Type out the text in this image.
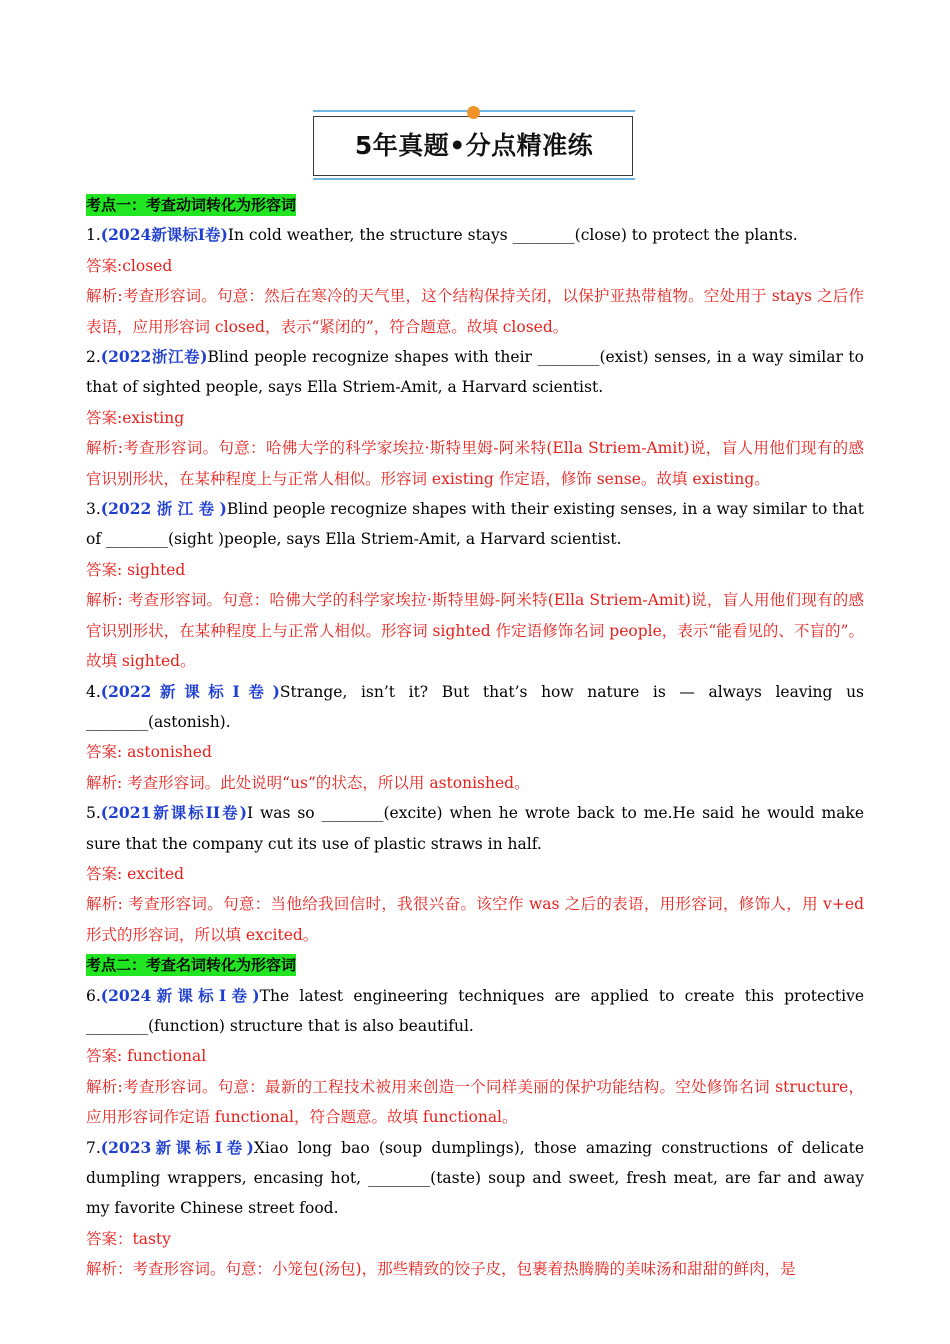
5年真题•分点精准练
考点一：考查动词转化为形容词

1.(2024新课标I卷)In cold weather, the structure stays ________(close) to protect the plants.

答案:closed

解析:考查形容词。句意：然后在寒冷的天气里，这个结构保持关闭，以保护亚热带植物。空处用于 stays 之后作表语，应用形容词 closed，表示“紧闭的”，符合题意。故填 closed。

2.(2022浙江卷)Blind people recognize shapes with their ________(exist) senses, in a way similar to that of sighted people, says Ella Striem-Amit, a Harvard scientist.

答案:existing

解析:考查形容词。句意：哈佛大学的科学家埃拉·斯特里姆-阿米特(Ella Striem-Amit)说，盲人用他们现有的感官识别形状，在某种程度上与正常人相似。形容词 existing 作定语，修饰 sense。故填 existing。

3.(2022 浙 江 卷 )Blind people recognize shapes with their existing senses, in a way similar to that of ________(sight )people, says Ella Striem-Amit, a Harvard scientist.

答案: sighted

解析: 考查形容词。句意：哈佛大学的科学家埃拉·斯特里姆-阿米特(Ella Striem-Amit)说，盲人用他们现有的感官识别形状，在某种程度上与正常人相似。形容词 sighted 作定语修饰名词 people，表示“能看见的、不盲的”。故填 sighted。

4.(2022新课标I卷)Strange, isn’t it? But that’s how nature is — always leaving us ________(astonish).

答案: astonished

解析: 考查形容词。此处说明“us”的状态，所以用 astonished。

5.(2021新课标II卷)I was so ________(excite) when he wrote back to me.He said he would make sure that the company cut its use of plastic straws in half.

答案: excited

解析: 考查形容词。句意：当他给我回信时，我很兴奋。该空作 was 之后的表语，用形容词，修饰人，用 v+ed 形式的形容词，所以填 excited。

考点二：考查名词转化为形容词

6.(2024新课标I卷)The latest engineering techniques are applied to create this protective ________(function) structure that is also beautiful.

答案: functional

解析:考查形容词。句意：最新的工程技术被用来创造一个同样美丽的保护功能结构。空处修饰名词 structure，应用形容词作定语 functional，符合题意。故填 functional。

7.(2023新课标I卷)Xiao long bao (soup dumplings), those amazing constructions of delicate dumpling wrappers, encasing hot, ________(taste) soup and sweet, fresh meat, are far and away my favorite Chinese street food.

答案：tasty

解析：考查形容词。句意：小笼包(汤包)，那些精致的饺子皮，包裹着热腾腾的美味汤和甜甜的鲜肉，是
